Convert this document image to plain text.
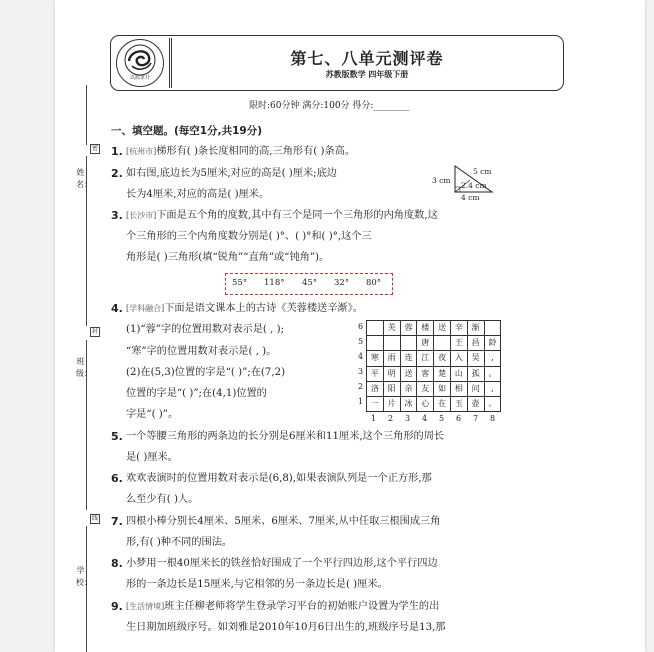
以质求升
第七、八单元测评卷
苏教版数学 四年级下册
限时:60分钟 满分:100分 得分:________
密
姓 名：
封
班 级：
线
学 校：
一、填空题。(每空1分,共19分)
1. [杭州市]梯形有( )条长度相同的高,三角形有( )条高。
2. 如右图,底边长为5厘米,对应的高是( )厘米;底边
长为4厘米,对应的高是( )厘米。
3 cm
5 cm
2.4 cm
4 cm
3. [长沙市]下面是五个角的度数,其中有三个是同一个三角形的内角度数,这
个三角形的三个内角度数分别是( )°、( )°和( )°,这个三
角形是( )三角形(填“锐角”“直角”或“钝角”)。
55° 118° 45° 32° 80°
4. [学科融合]下面是语文课本上的古诗《芙蓉楼送辛渐》。
(1)“蓉”字的位置用数对表示是( , );
“寒”字的位置用数对表示是( , )。
(2)在(5,3)位置的字是“( )”;在(7,2)
位置的字是“( )”;在(4,1)位置的
字是“( )”。
6
5
4
3
2
1
	芙	蓉	楼	送	辛	渐	
			唐		王	昌	龄
寒	雨	连	江	夜	入	吴	,
平	明	送	客	楚	山	孤	。
洛	阳	亲	友	如	相	问	,
一	片	冰	心	在	玉	壶	。
1 2 3 4 5 6 7 8
5. 一个等腰三角形的两条边的长分别是6厘米和11厘米,这个三角形的周长
是( )厘米。
6. 欢欢表演时的位置用数对表示是(6,8),如果表演队列是一个正方形,那
么至少有( )人。
7. 四根小棒分别长4厘米、5厘米、6厘米、7厘米,从中任取三根围成三角
形,有( )种不同的围法。
8. 小梦用一根40厘米长的铁丝恰好围成了一个平行四边形,这个平行四边
形的一条边长是15厘米,与它相邻的另一条边长是( )厘米。
9. [生活情境]班主任柳老师将学生登录学习平台的初始账户设置为学生的出
生日期加班级序号。如刘雅是2010年10月6日出生的,班级序号是13,那
